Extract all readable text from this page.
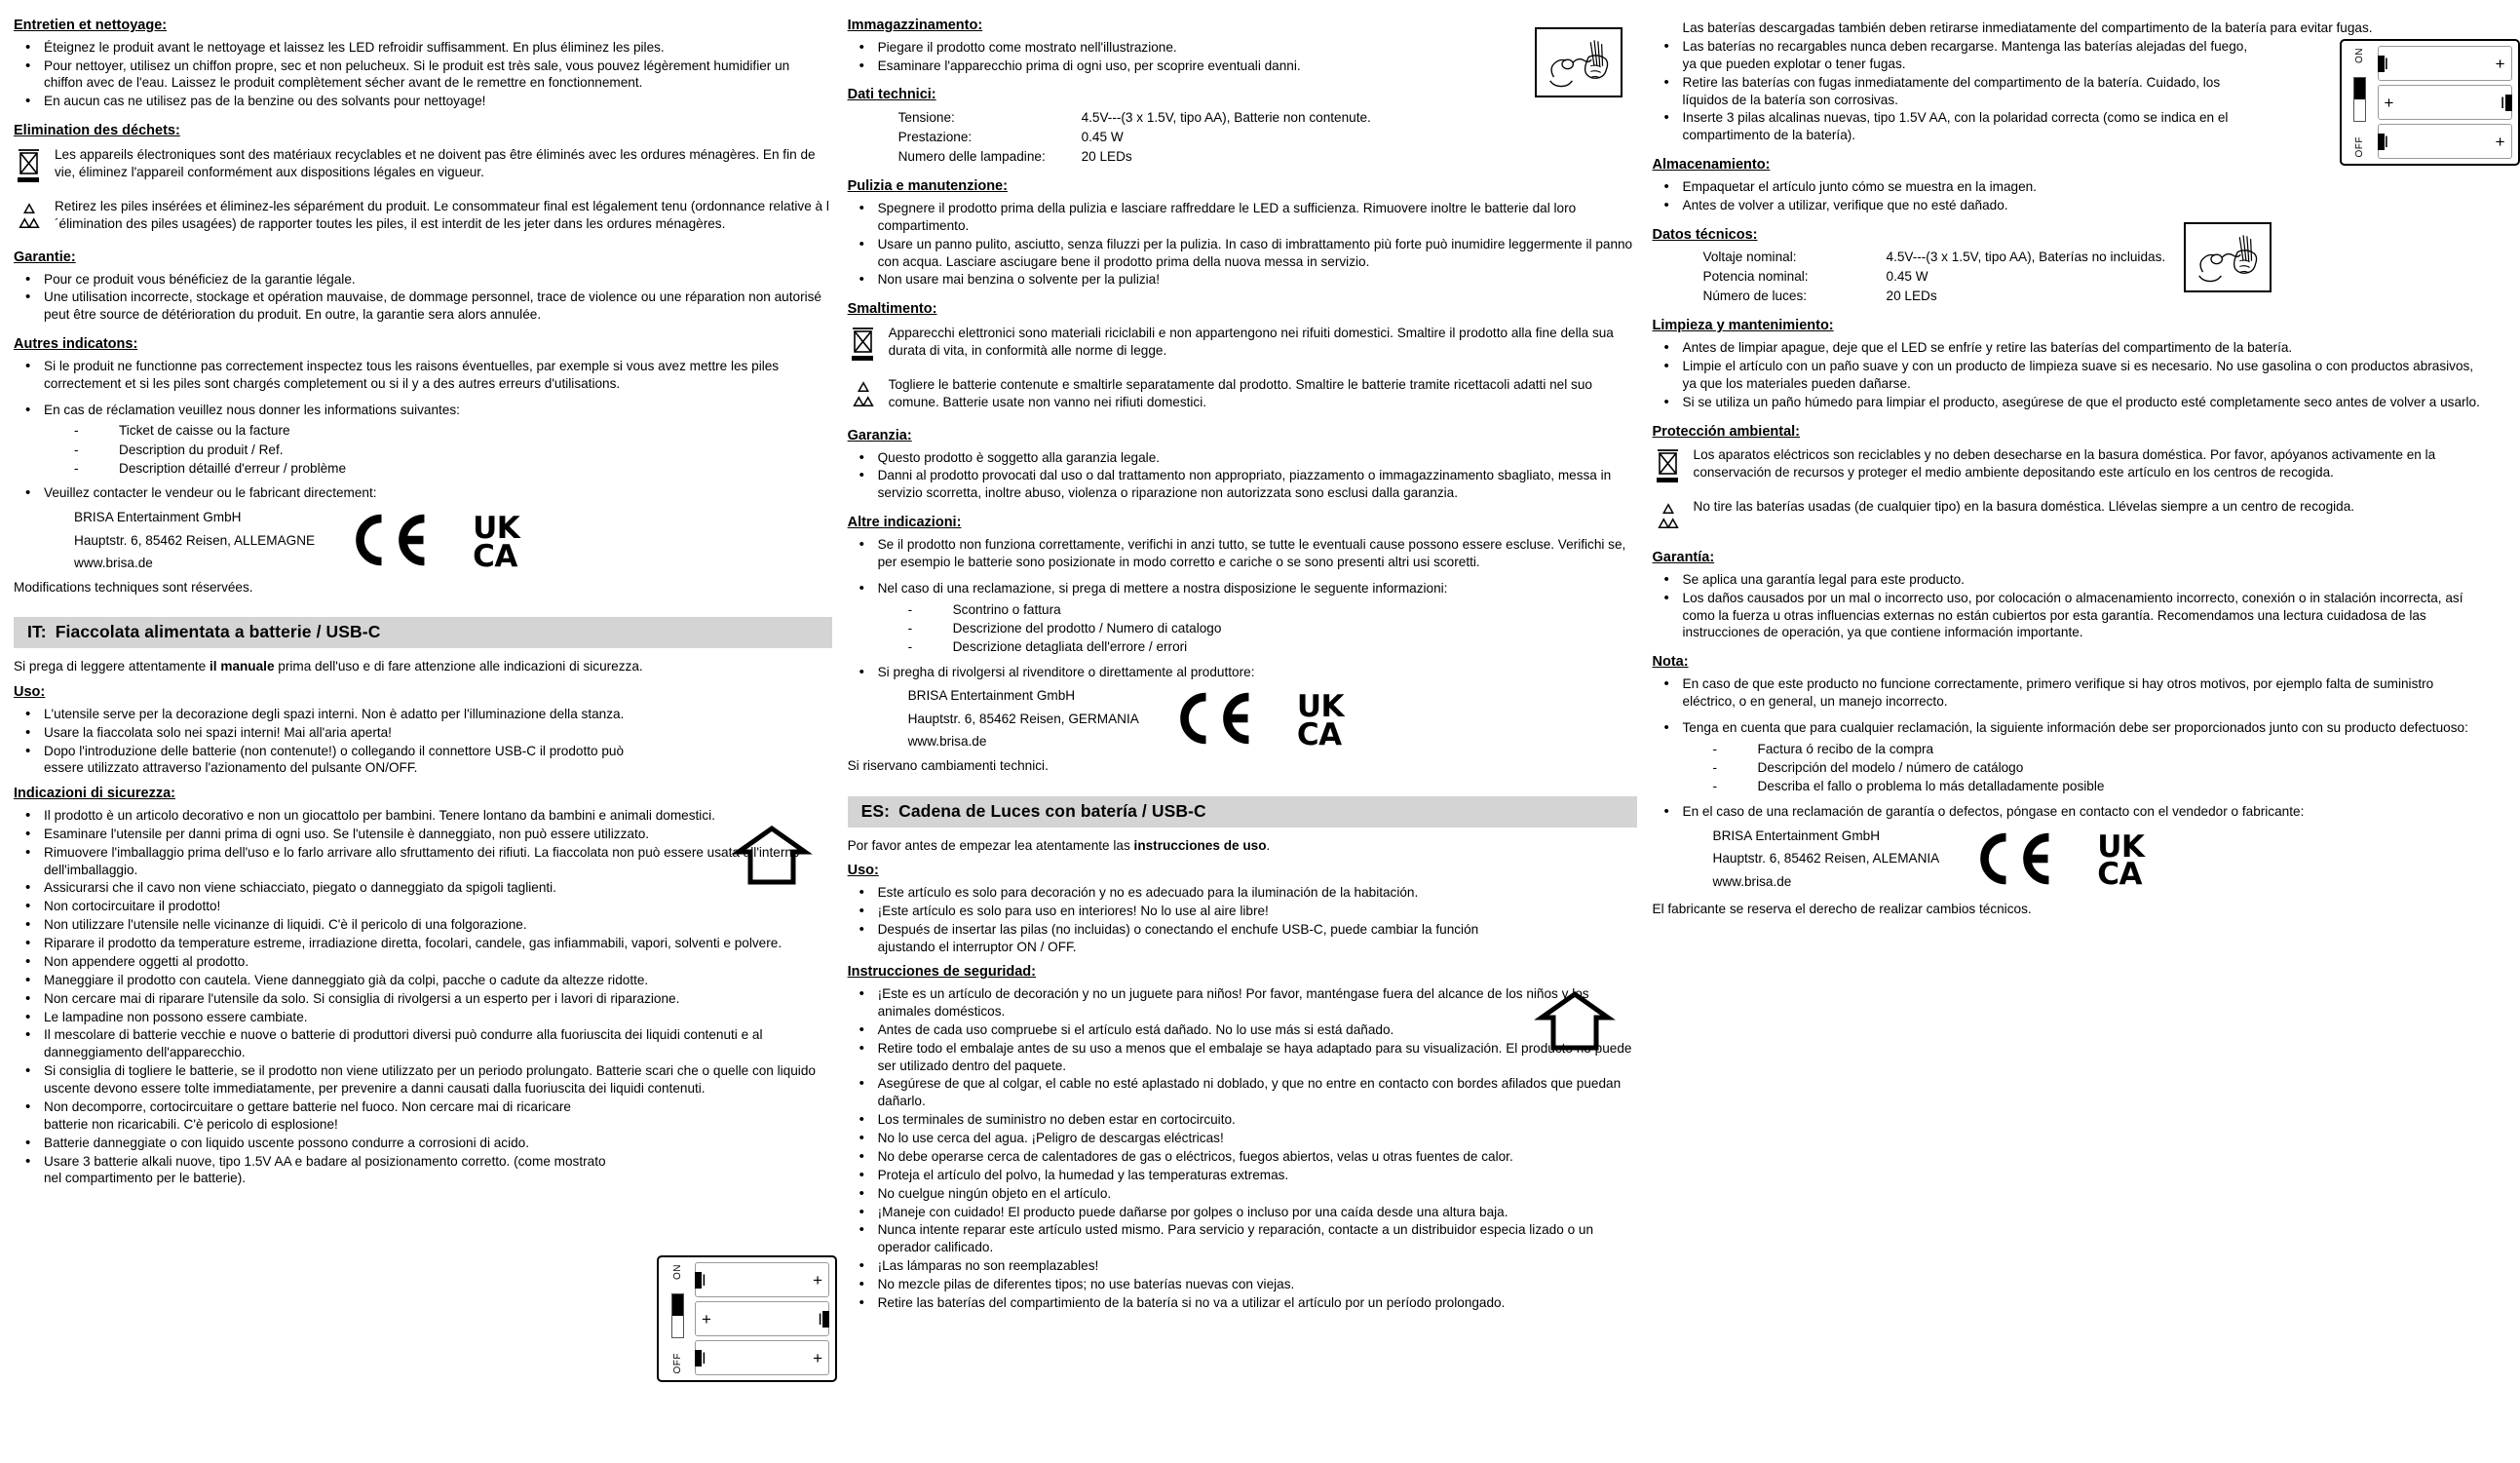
Entretien et nettoyage:
• Éteignez le produit avant le nettoyage et laissez les LED refroidir suffisamment. En plus éliminez les piles.
• Pour nettoyer, utilisez un chiffon propre, sec et non pelucheux. Si le produit est très sale, vous pouvez légèrement humidifier un chiffon avec de l'eau. Laissez le produit complètement sécher avant de le remettre en fonctionnement.
• En aucun cas ne utilisez pas de la benzine ou des solvants pour nettoyage!
Elimination des déchets:
Les appareils électroniques sont des matériaux recyclables et ne doivent pas être éliminés avec les ordures ménagères. En fin de vie, éliminez l'appareil conformément aux dispositions légales en vigueur.
Retirez les piles insérées et éliminez-les séparément du produit. Le consommateur final est légalement tenu (ordonnance relative à l´élimination des piles usagées) de rapporter toutes les piles, il est interdit de les jeter dans les ordures ménagères.
Garantie:
• Pour ce produit vous bénéficiez de la garantie légale.
• Une utilisation incorrecte, stockage et opération mauvaise, de dommage personnel, trace de violence ou une réparation non autorisé peut être source de détérioration du produit. En outre, la garantie sera alors annulée.
Autres indicatons:
• Si le produit ne functionne pas correctement inspectez tous les raisons éventuelles, par exemple si vous avez mettre les piles correctement et si les piles sont chargés completement ou si il y a des autres erreurs d'utilisations.
• En cas de réclamation veuillez nous donner les informations suivantes:
- Ticket de caisse ou la facture
- Description du produit / Ref.
- Description détaillé d'erreur / problème
• Veuillez contacter le vendeur ou le fabricant directement:
BRISA Entertainment GmbH
Hauptstr. 6, 85462 Reisen, ALLEMAGNE
www.brisa.de

Modifications techniques sont réservées.

UK
CA
IT: Fiaccolata alimentata a batterie / USB-C

Si prega di leggere attentamente il manuale prima dell'uso e di fare attenzione alle indicazioni di sicurezza.

Uso:
• L'utensile serve per la decorazione degli spazi interni. Non è adatto per l'illuminazione della stanza.
• Usare la fiaccolata solo nei spazi interni! Mai all'aria aperta!
• Dopo l'introduzione delle batterie (non contenute!) o collegando il connettore USB-C il prodotto può essere utilizzato attraverso l'azionamento del pulsante ON/OFF.
Indicazioni di sicurezza:
• Il prodotto è un articolo decorativo e non un giocattolo per bambini. Tenere lontano da bambini e animali domestici.
• Esaminare l'utensile per danni prima di ogni uso. Se l'utensile è danneggiato, non può essere utilizzato.
• Rimuovere l'imballaggio prima dell'uso e lo farlo arrivare allo sfruttamento dei rifiuti. La fiaccolata non può essere usata all'interno dell'imballaggio.
• Assicurarsi che il cavo non viene schiacciato, piegato o danneggiato da spigoli taglienti.
• Non cortocircuitare il prodotto!
• Non utilizzare l'utensile nelle vicinanze di liquidi. C'è il pericolo di una folgorazione.
• Riparare il prodotto da temperature estreme, irradiazione diretta, focolari, candele, gas infiammabili, vapori, solventi e polvere.
• Non appendere oggetti al prodotto.
• Maneggiare il prodotto con cautela. Viene danneggiato già da colpi, pacche o cadute da altezze ridotte.
• Non cercare mai di riparare l'utensile da solo. Si consiglia di rivolgersi a un esperto per i lavori di riparazione.
• Le lampadine non possono essere cambiate.
• Il mescolare di batterie vecchie e nuove o batterie di produttori diversi può condurre alla fuoriuscita dei liquidi contenuti e al danneggiamento dell'apparecchio.
• Si consiglia di togliere le batterie, se il prodotto non viene utilizzato per un periodo prolungato. Batterie scari che o quelle con liquido uscente devono essere tolte immediatamente, per prevenire a danni causati dalla fuoriuscita dei liquidi contenuti.
• Non decomporre, cortocircuitare o gettare batterie nel fuoco. Non cercare mai di ricaricare batterie non ricaricabili. C'è pericolo di esplosione!
• Batterie danneggiate o con liquido uscente possono condurre a corrosioni di acido.
• Usare 3 batterie alkali nuove, tipo 1.5V AA e badare al posizionamento corretto. (come mostrato nel compartimento per le batterie).
ON
OFF
I	+
+	I
I	+
Immagazzinamento:
• Piegare il prodotto come mostrato nell'illustrazione.
• Esaminare l'apparecchio prima di ogni uso, per scoprire eventuali danni.
Dati technici:
Tensione:	4.5V---(3 x 1.5V, tipo AA), Batterie non contenute.
Prestazione:	0.45 W
Numero delle lampadine:	20 LEDs
Pulizia e manutenzione:
• Spegnere il prodotto prima della pulizia e lasciare raffreddare le LED a sufficienza. Rimuovere inoltre le batterie dal loro compartimento.
• Usare un panno pulito, asciutto, senza filuzzi per la pulizia. In caso di imbrattamento più forte può inumidire leggermente il panno con acqua. Lasciare asciugare bene il prodotto prima della nuova messa in servizio.
• Non usare mai benzina o solvente per la pulizia!
Smaltimento:
Apparecchi elettronici sono materiali riciclabili e non appartengono nei rifuiti domestici. Smaltire il prodotto alla fine della sua durata di vita, in conformità alle norme di legge.
Togliere le batterie contenute e smaltirle separatamente dal prodotto. Smaltire le batterie tramite ricettacoli adatti nel suo comune. Batterie usate non vanno nei rifiuti domestici.
Garanzia:
• Questo prodotto è soggetto alla garanzia legale.
• Danni al prodotto provocati dal uso o dal trattamento non appropriato, piazzamento o immagazzinamento sbagliato, messa in servizio scorretta, inoltre abuso, violenza o riparazione non autorizzata sono esclusi dalla garanzia.
Altre indicazioni:
• Se il prodotto non funziona correttamente, verifichi in anzi tutto, se tutte le eventuali cause possono essere escluse. Verifichi se, per esempio le batterie sono posizionate in modo corretto e cariche o se sono presenti altri usi scoretti.
• Nel caso di una reclamazione, si prega di mettere a nostra disposizione le seguente informazioni:
- Scontrino o fattura
- Descrizione del prodotto / Numero di catalogo
- Descrizione detagliata dell'errore / errori
• Si pregha di rivolgersi al rivenditore o direttamente al produttore:
BRISA Entertainment GmbH
Hauptstr. 6, 85462 Reisen, GERMANIA
www.brisa.de

Si riservano cambiamenti technici.

UK
CA
ES: Cadena de Luces con batería / USB-C

Por favor antes de empezar lea atentamente las instrucciones de uso.

Uso:
• Este artículo es solo para decoración y no es adecuado para la iluminación de la habitación.
• ¡Este artículo es solo para uso en interiores! No lo use al aire libre!
• Después de insertar las pilas (no incluidas) o conectando el enchufe USB-C, puede cambiar la función ajustando el interruptor ON / OFF.
Instrucciones de seguridad:
• ¡Este es un artículo de decoración y no un juguete para niños! Por favor, manténgase fuera del alcance de los niños y los animales domésticos.
• Antes de cada uso compruebe si el artículo está dañado. No lo use más si está dañado.
• Retire todo el embalaje antes de su uso a menos que el embalaje se haya adaptado para su visualización. El producto no puede ser utilizado dentro del paquete.
• Asegúrese de que al colgar, el cable no esté aplastado ni doblado, y que no entre en contacto con bordes afilados que puedan dañarlo.
• Los terminales de suministro no deben estar en cortocircuito.
• No lo use cerca del agua. ¡Peligro de descargas eléctricas!
• No debe operarse cerca de calentadores de gas o eléctricos, fuegos abiertos, velas u otras fuentes de calor.
• Proteja el artículo del polvo, la humedad y las temperaturas extremas.
• No cuelgue ningún objeto en el artículo.
• ¡Maneje con cuidado! El producto puede dañarse por golpes o incluso por una caída desde una altura baja.
• Nunca intente reparar este artículo usted mismo. Para servicio y reparación, contacte a un distribuidor especia lizado o un operador calificado.
• ¡Las lámparas no son reemplazables!
• No mezcle pilas de diferentes tipos; no use baterías nuevas con viejas.
• Retire las baterías del compartimiento de la batería si no va a utilizar el artículo por un período prolongado.
Las baterías descargadas también deben retirarse inmediatamente del compartimento de la batería para evitar fugas.
• Las baterías no recargables nunca deben recargarse. Mantenga las baterías alejadas del fuego, ya que pueden explotar o tener fugas.
• Retire las baterías con fugas inmediatamente del compartimento de la batería. Cuidado, los líquidos de la batería son corrosivas.
• Inserte 3 pilas alcalinas nuevas, tipo 1.5V AA, con la polaridad correcta (como se indica en el compartimento de la batería).
Almacenamiento:
• Empaquetar el artículo junto cómo se muestra en la imagen.
• Antes de volver a utilizar, verifique que no esté dañado.
Datos técnicos:
Voltaje nominal:	4.5V---(3 x 1.5V, tipo AA), Baterías no incluidas.
Potencia nominal:	0.45 W
Número de luces:	20 LEDs
Limpieza y mantenimiento:
• Antes de limpiar apague, deje que el LED se enfríe y retire las baterías del compartimento de la batería.
• Limpie el artículo con un paño suave y con un producto de limpieza suave si es necesario. No use gasolina o con productos abrasivos, ya que los materiales pueden dañarse.
• Si se utiliza un paño húmedo para limpiar el producto, asegúrese de que el producto esté completamente seco antes de volver a usarlo.
Protección ambiental:
Los aparatos eléctricos son reciclables y no deben desecharse en la basura doméstica. Por favor, apóyanos activamente en la conservación de recursos y proteger el medio ambiente depositando este artículo en los centros de recogida.
No tire las baterías usadas (de cualquier tipo) en la basura doméstica. Llévelas siempre a un centro de recogida.
Garantía:
• Se aplica una garantía legal para este producto.
• Los daños causados por un mal o incorrecto uso, por colocación o almacenamiento incorrecto, conexión o in stalación incorrecta, así como la fuerza u otras influencias externas no están cubiertos por esta garantía. Recomendamos una lectura cuidadosa de las instrucciones de operación, ya que contiene información importante.
Nota:
• En caso de que este producto no funcione correctamente, primero verifique si hay otros motivos, por ejemplo falta de suministro eléctrico, o en general, un manejo incorrecto.
• Tenga en cuenta que para cualquier reclamación, la siguiente información debe ser proporcionados junto con su producto defectuoso:
- Factura ó recibo de la compra
- Descripción del modelo / número de catálogo
- Describa el fallo o problema lo más detalladamente posible
• En el caso de una reclamación de garantía o defectos, póngase en contacto con el vendedor o fabricante:
BRISA Entertainment GmbH
Hauptstr. 6, 85462 Reisen, ALEMANIA
www.brisa.de
UK
CA

El fabricante se reserva el derecho de realizar cambios técnicos.

ON
OFF
I	+
+	I
I	+
